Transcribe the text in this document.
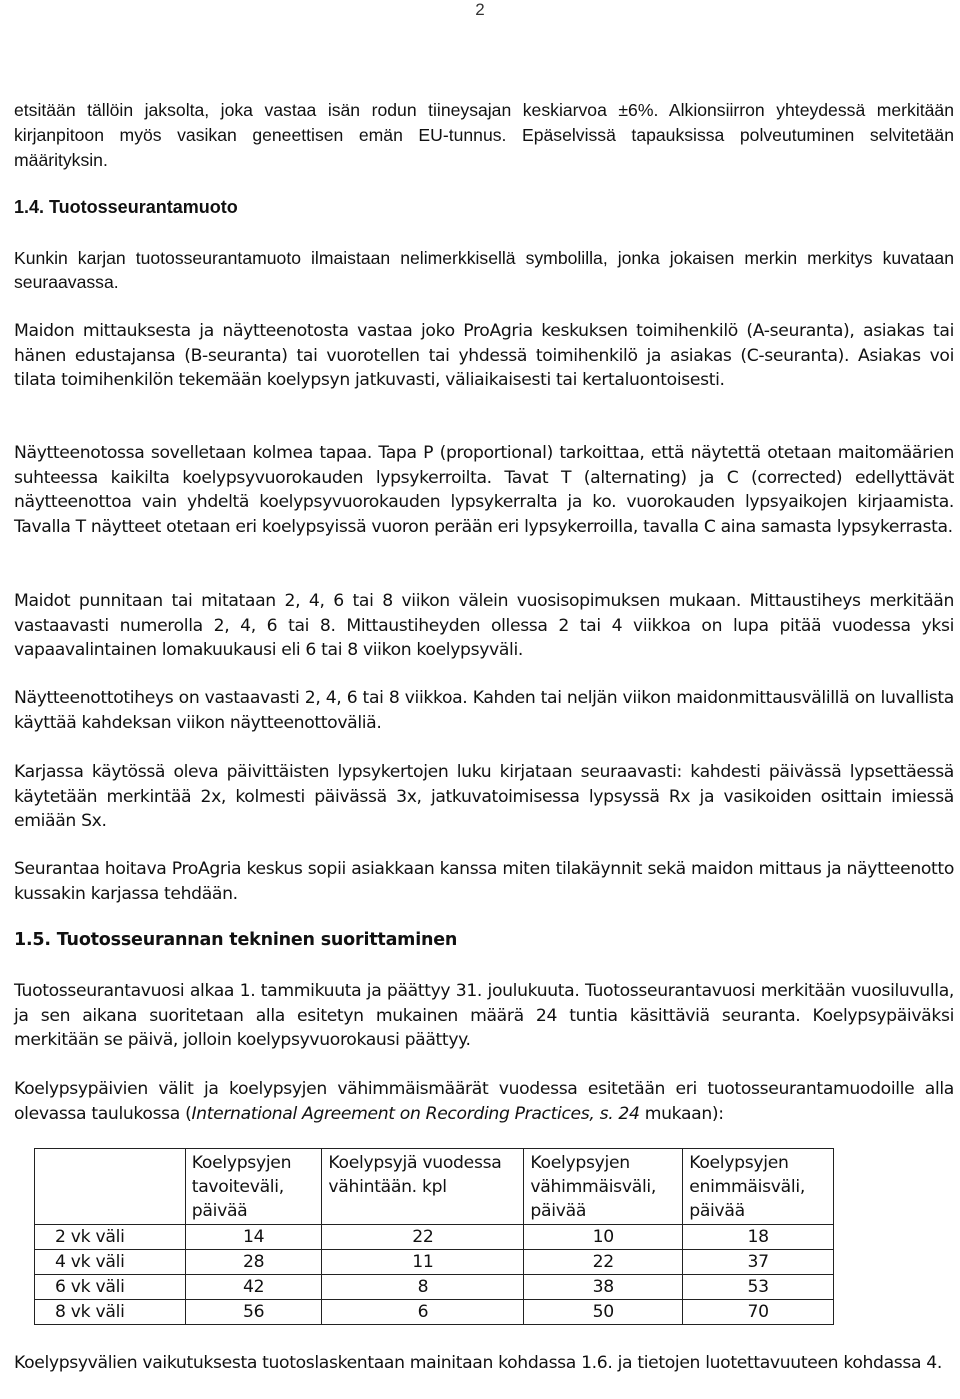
2

etsitään tällöin jaksolta, joka vastaa isän rodun tiineysajan keskiarvoa ±6%. Alkionsiirron yhteydessä merkitään kirjanpitoon myös vasikan geneettisen emän EU-tunnus. Epäselvissä tapauksissa polveutuminen selvitetään määrityksin.

1.4. Tuotosseurantamuoto

Kunkin karjan tuotosseurantamuoto ilmaistaan nelimerkkisellä symbolilla, jonka jokaisen merkin merkitys kuvataan seuraavassa.

Maidon mittauksesta ja näytteenotosta vastaa joko ProAgria keskuksen toimihenkilö (A-seuranta), asiakas tai hänen edustajansa (B-seuranta) tai vuorotellen tai yhdessä toimihenkilö ja asiakas (C-seuranta). Asiakas voi tilata toimihenkilön tekemään koelypsyn jatkuvasti, väliaikaisesti tai kertaluontoisesti.

Näytteenotossa sovelletaan kolmea tapaa. Tapa P (proportional) tarkoittaa, että näytettä otetaan maitomäärien suhteessa kaikilta koelypsyvuorokauden lypsykerroilta. Tavat T (alternating) ja C (corrected) edellyttävät näytteenottoa vain yhdeltä koelypsyvuorokauden lypsykerralta ja ko. vuorokauden lypsyaikojen kirjaamista. Tavalla T näytteet otetaan eri koelypsyissä vuoron perään eri lypsykerroilla, tavalla C aina samasta lypsykerrasta.

Maidot punnitaan tai mitataan 2, 4, 6 tai 8 viikon välein vuosisopimuksen mukaan. Mittaustiheys merkitään vastaavasti numerolla 2, 4, 6 tai 8. Mittaustiheyden ollessa 2 tai 4 viikkoa on lupa pitää vuodessa yksi vapaavalintainen lomakuukausi eli 6 tai 8 viikon koelypsyväli.

Näytteenottotiheys on vastaavasti 2, 4, 6 tai 8 viikkoa. Kahden tai neljän viikon maidonmittausvälillä on luvallista käyttää kahdeksan viikon näytteenottoväliä.

Karjassa käytössä oleva päivittäisten lypsykertojen luku kirjataan seuraavasti: kahdesti päivässä lypsettäessä käytetään merkintää 2x, kolmesti päivässä 3x, jatkuvatoimisessa lypsyssä Rx ja vasikoiden osittain imiessä emiään Sx.

Seurantaa hoitava ProAgria keskus sopii asiakkaan kanssa miten tilakäynnit sekä maidon mittaus ja näytteenotto kussakin karjassa tehdään.

1.5. Tuotosseurannan tekninen suorittaminen

Tuotosseurantavuosi alkaa 1. tammikuuta ja päättyy 31. joulukuuta. Tuotosseurantavuosi merkitään vuosiluvulla, ja sen aikana suoritetaan alla esitetyn mukainen määrä 24 tuntia käsittäviä seuranta. Koelypsypäiväksi merkitään se päivä, jolloin koelypsyvuorokausi päättyy.

Koelypsypäivien välit ja koelypsyjen vähimmäismäärät vuodessa esitetään eri tuotosseurantamuodoille alla olevassa taulukossa (International Agreement on Recording Practices, s. 24 mukaan):

	Koelypsyjen tavoiteväli, päivää	Koelypsyjä vuodessa vähintään. kpl	Koelypsyjen vähimmäisväli, päivää	Koelypsyjen enimmäisväli, päivää
2 vk väli	14	22	10	18
4 vk väli	28	11	22	37
6 vk väli	42	8	38	53
8 vk väli	56	6	50	70

Koelypsyvälien vaikutuksesta tuotoslaskentaan mainitaan kohdassa 1.6. ja tietojen luotettavuuteen kohdassa 4.
